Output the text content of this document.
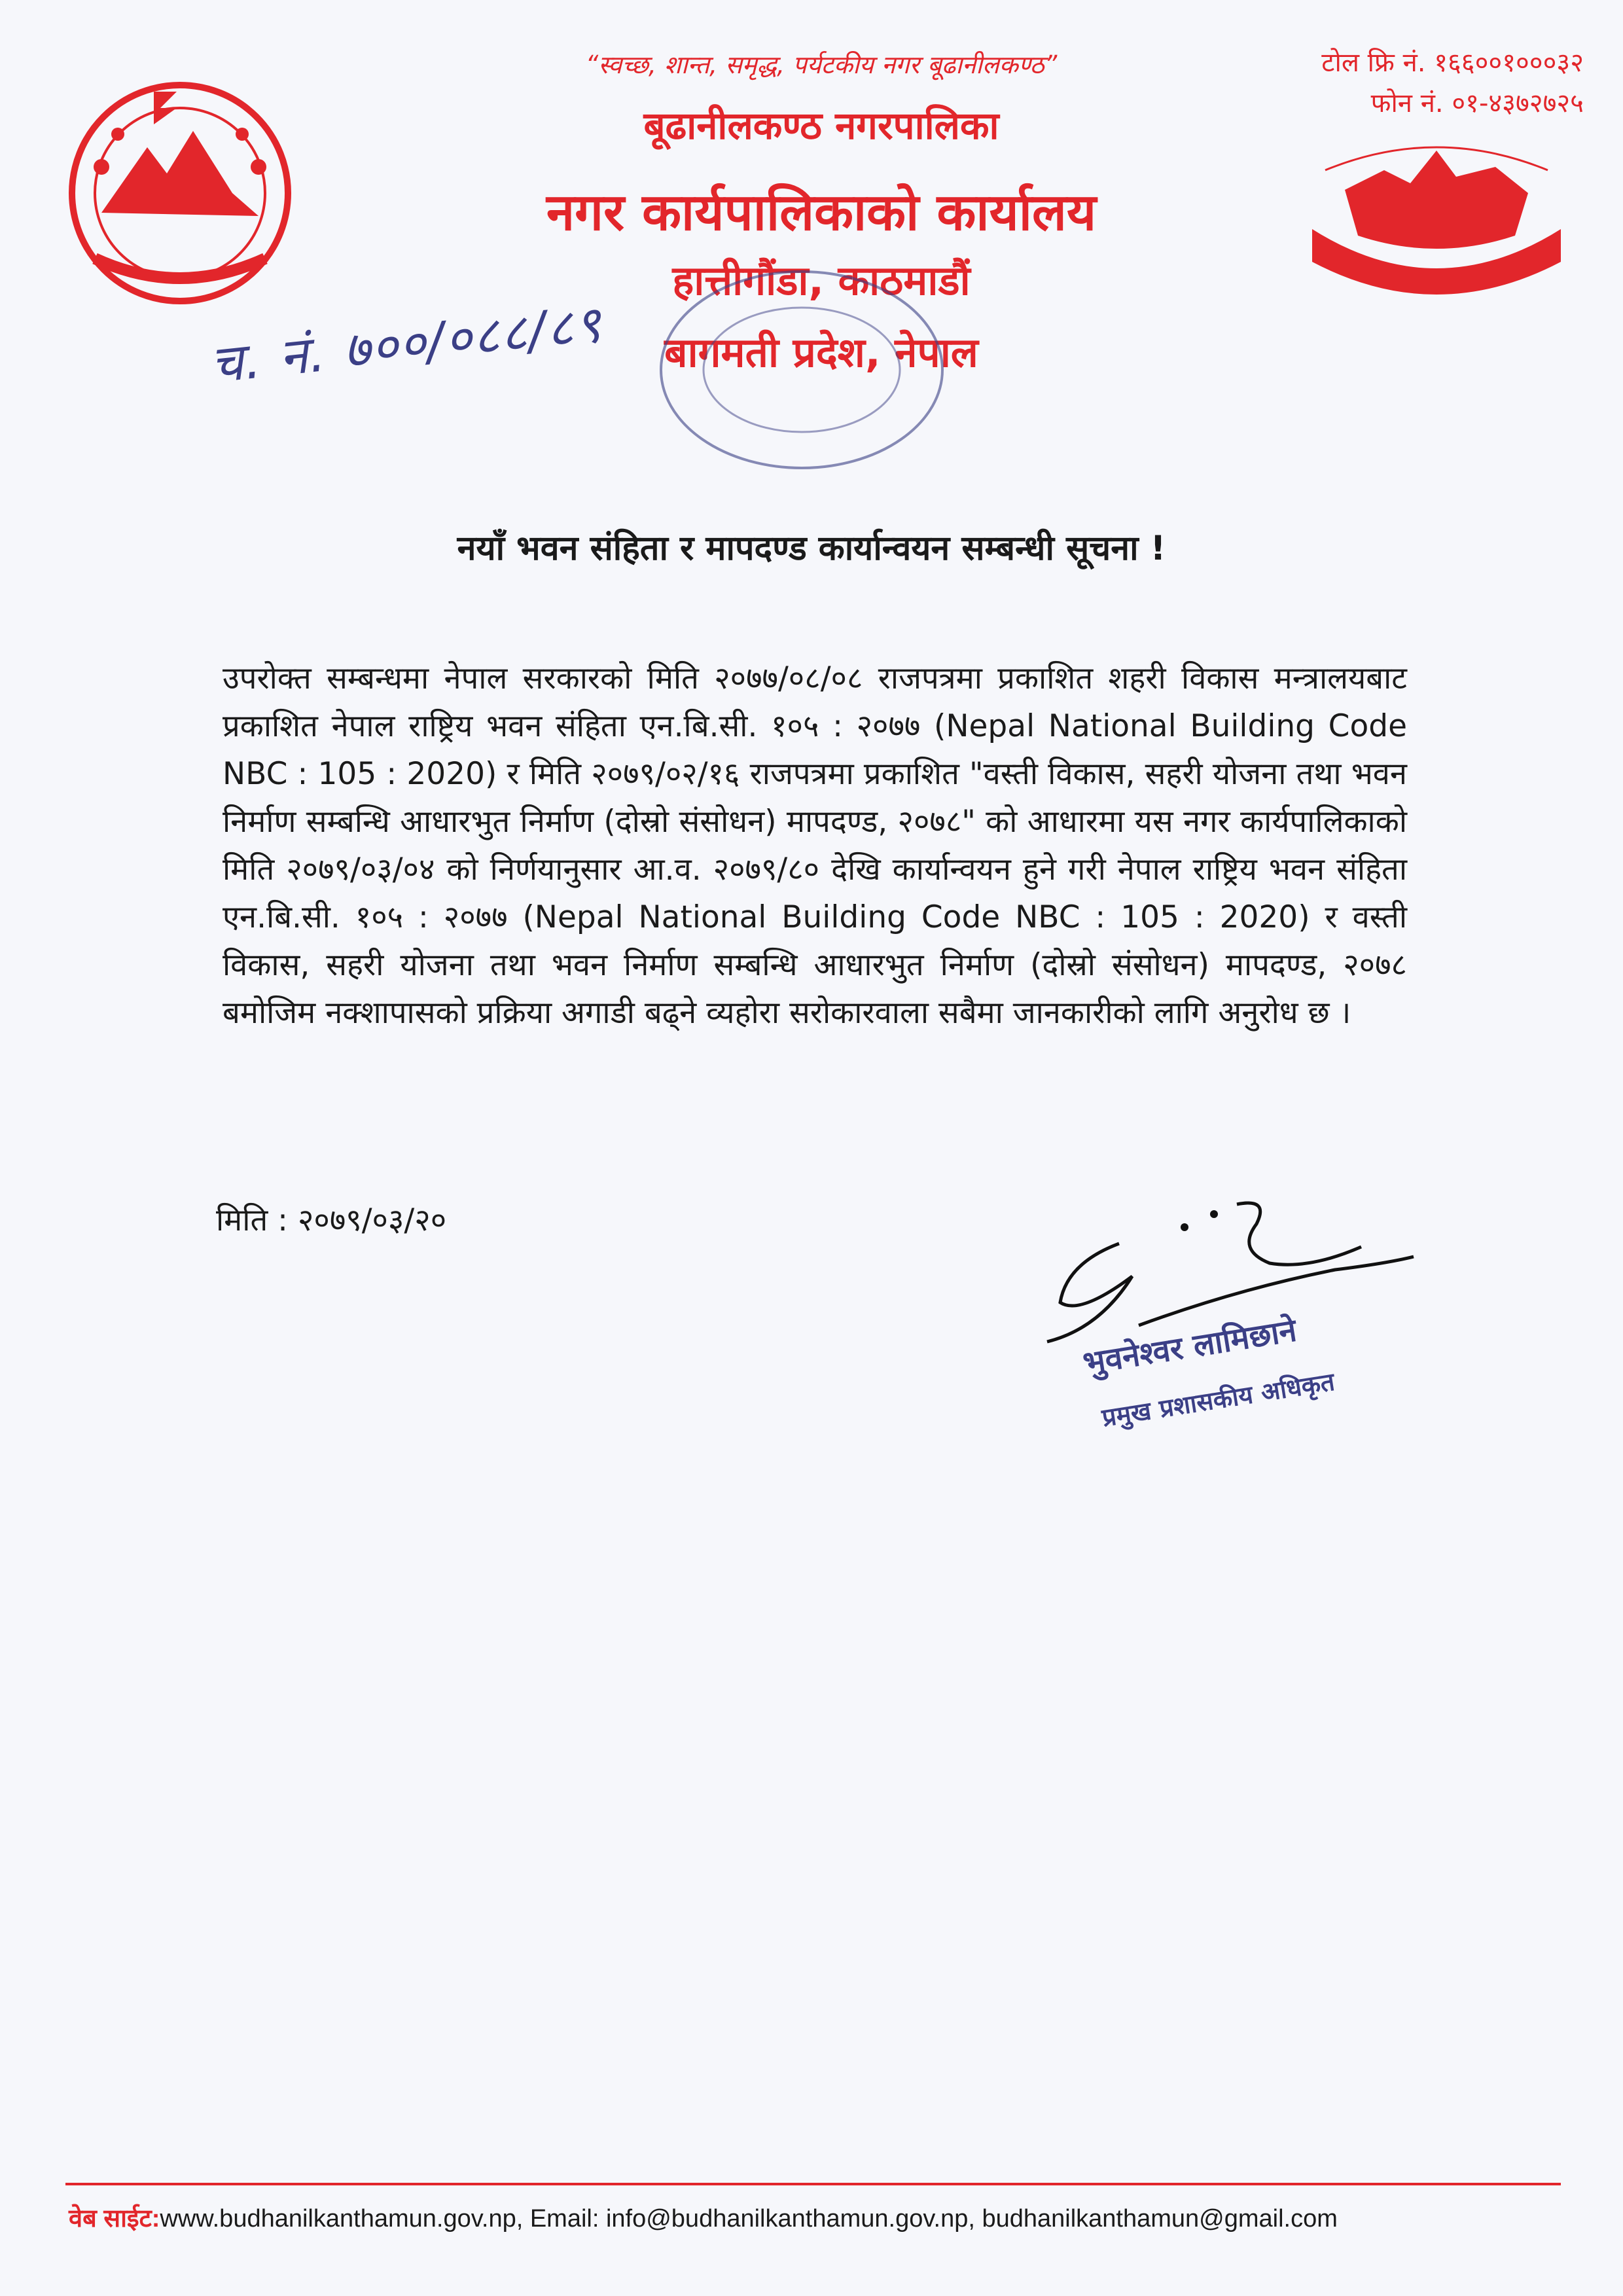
“स्वच्छ, शान्त, समृद्ध, पर्यटकीय नगर बूढानीलकण्ठ”
बूढानीलकण्ठ नगरपालिका
नगर कार्यपालिकाको कार्यालय
हात्तीगौंडा, काठमाडौं
बागमती प्रदेश, नेपाल
टोल फ्रि नं. १६६००१०००३२
फोन नं. ०१-४३७२७२५
च. नं. ७००/०८८/८९
नयाँ भवन संहिता र मापदण्ड कार्यान्वयन सम्बन्धी सूचना !
उपरोक्त सम्बन्धमा नेपाल सरकारको मिति २०७७/०८/०८ राजपत्रमा प्रकाशित शहरी विकास मन्त्रालयबाट प्रकाशित नेपाल राष्ट्रिय भवन संहिता एन.बि.सी. १०५ : २०७७ (Nepal National Building Code NBC : 105 : 2020) र मिति २०७९/०२/१६ राजपत्रमा प्रकाशित "वस्ती विकास, सहरी योजना तथा भवन निर्माण सम्बन्धि आधारभुत निर्माण (दोस्रो संसोधन) मापदण्ड, २०७८" को आधारमा यस नगर कार्यपालिकाको मिति २०७९/०३/०४ को निर्णयानुसार आ.व. २०७९/८० देखि कार्यान्वयन हुने गरी नेपाल राष्ट्रिय भवन संहिता एन.बि.सी. १०५ : २०७७ (Nepal National Building Code NBC : 105 : 2020) र वस्ती विकास, सहरी योजना तथा भवन निर्माण सम्बन्धि आधारभुत निर्माण (दोस्रो संसोधन) मापदण्ड, २०७८ बमोजिम नक्शापासको प्रक्रिया अगाडी बढ्ने व्यहोरा सरोकारवाला सबैमा जानकारीको लागि अनुरोध छ ।
मिति : २०७९/०३/२०
भुवनेश्वर लामिछाने
प्रमुख प्रशासकीय अधिकृत
वेब साईट:www.budhanilkanthamun.gov.np, Email: info@budhanilkanthamun.gov.np, budhanilkanthamun@gmail.com
